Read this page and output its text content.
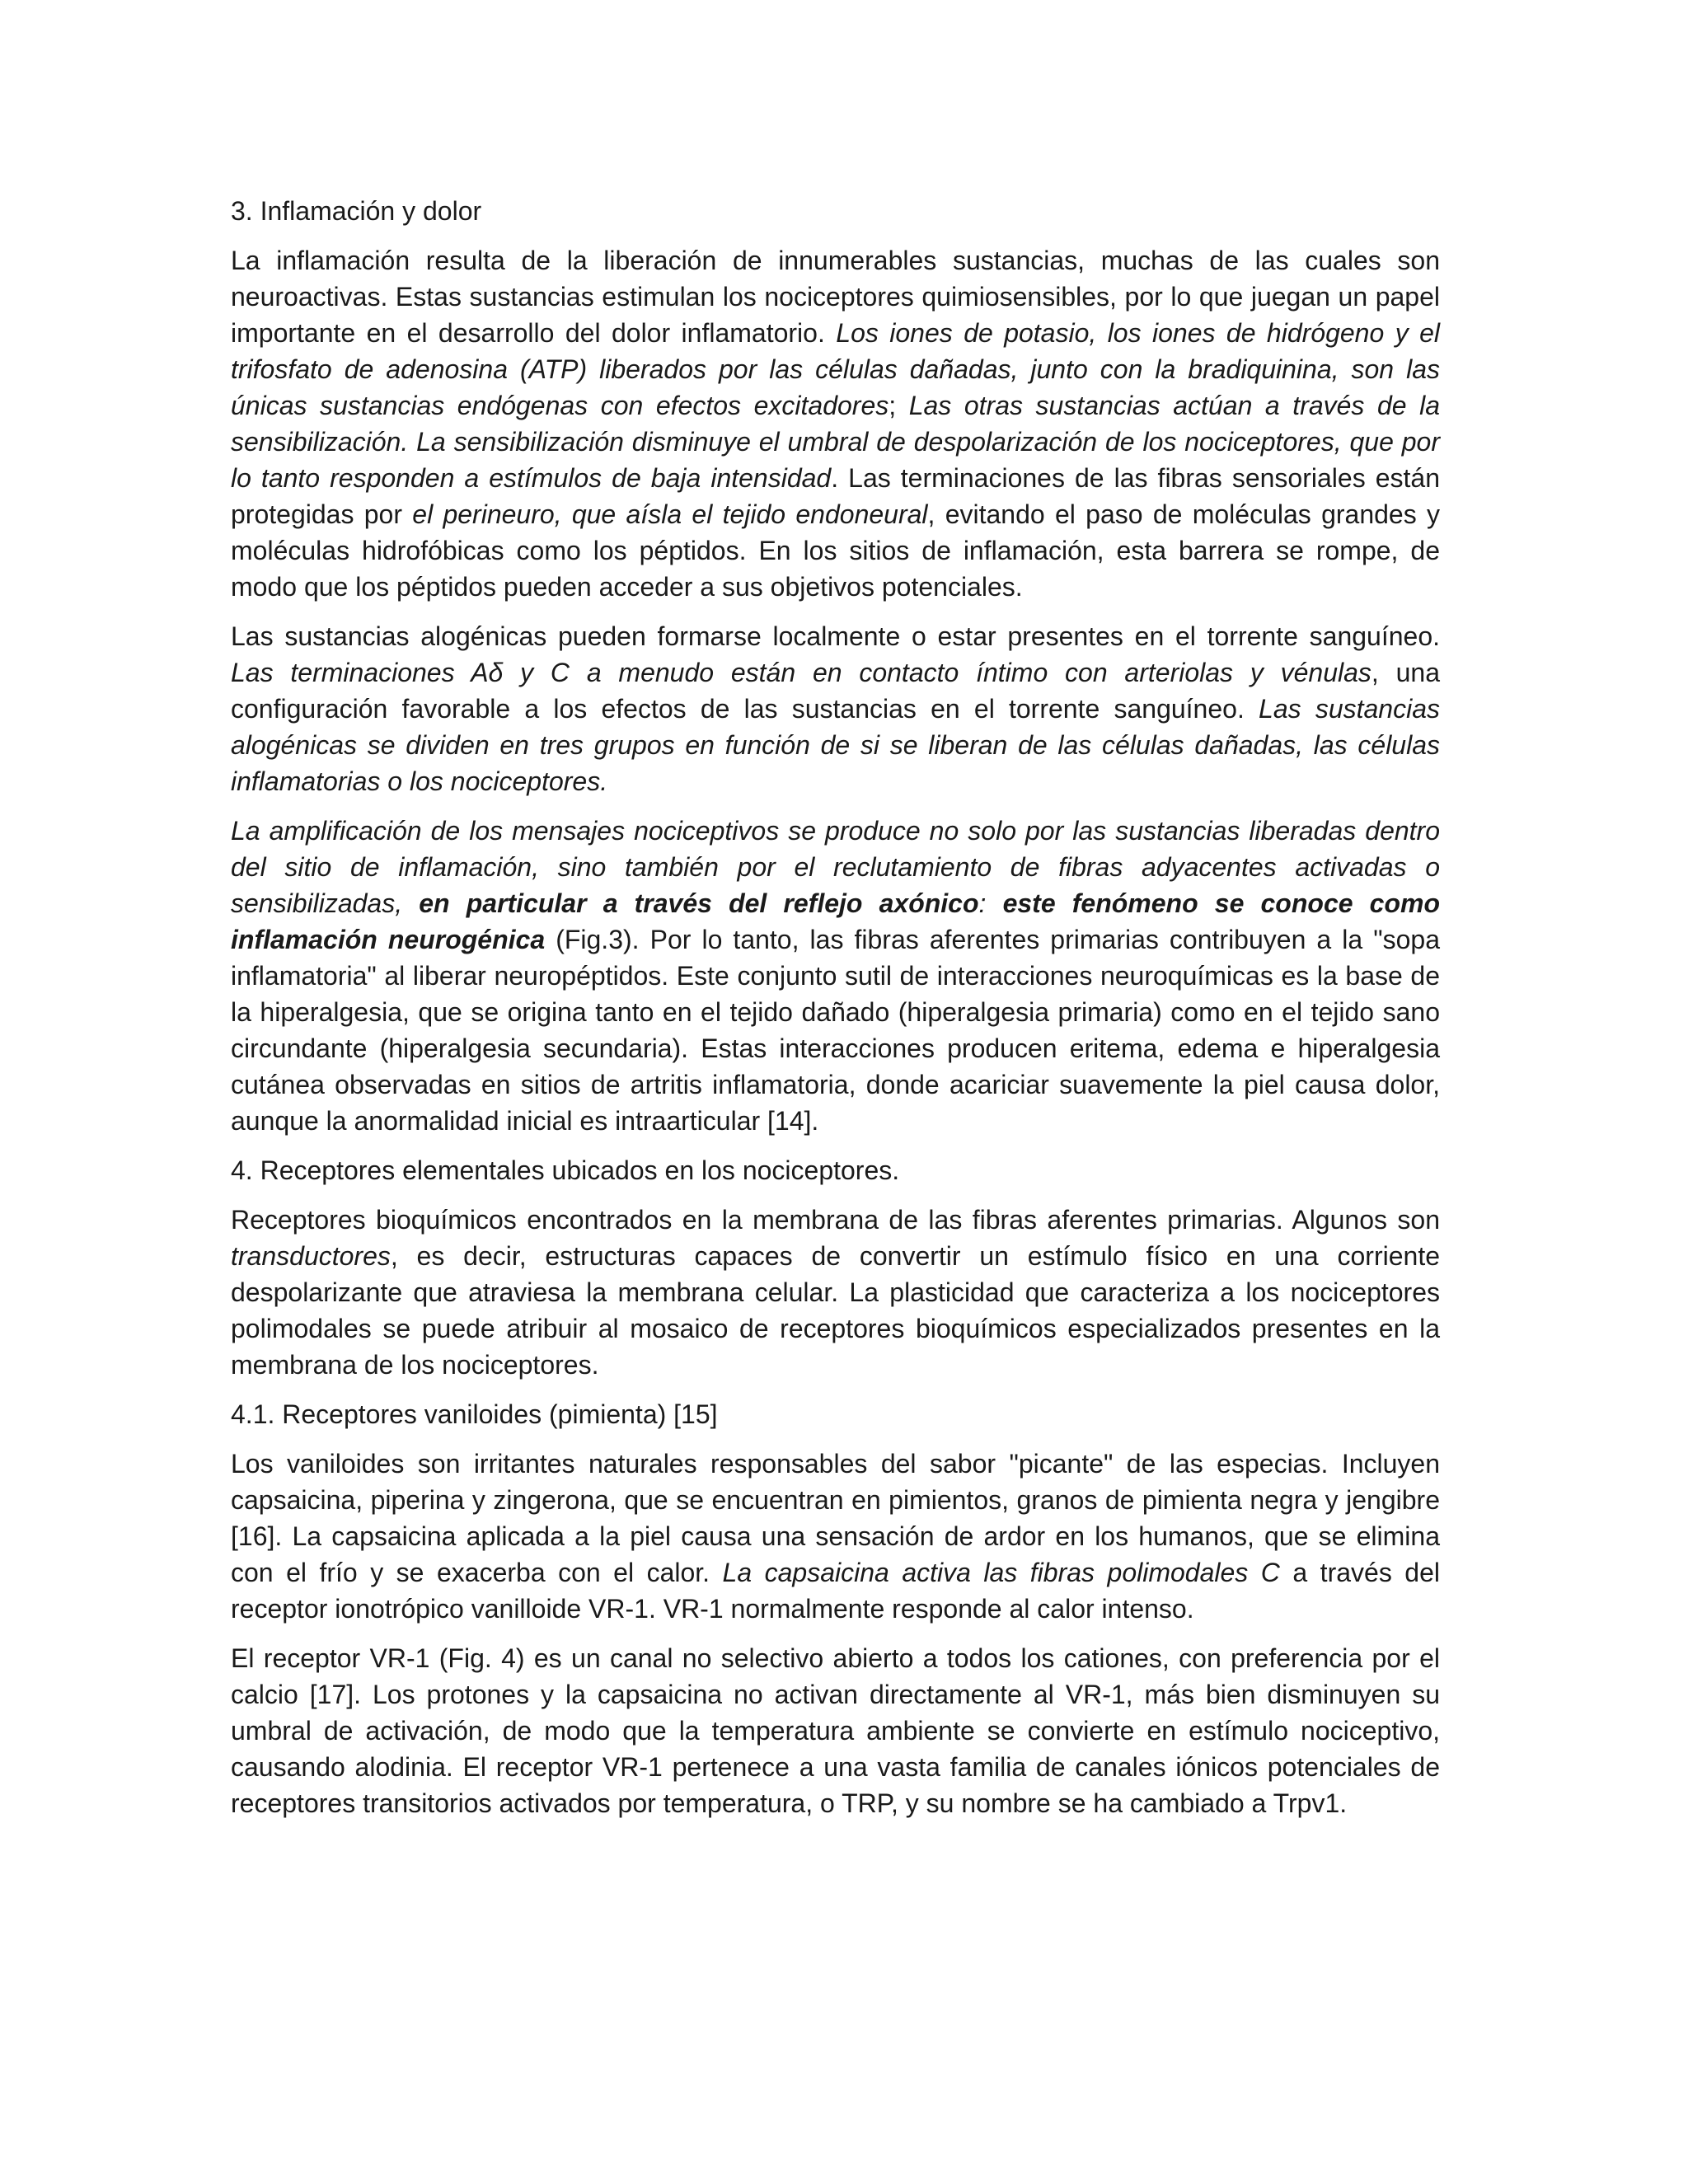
3. Inflamación y dolor

La inflamación resulta de la liberación de innumerables sustancias, muchas de las cuales son neuroactivas. Estas sustancias estimulan los nociceptores quimiosensibles, por lo que juegan un papel importante en el desarrollo del dolor inflamatorio. Los iones de potasio, los iones de hidrógeno y el trifosfato de adenosina (ATP) liberados por las células dañadas, junto con la bradiquinina, son las únicas sustancias endógenas con efectos excitadores; Las otras sustancias actúan a través de la sensibilización. La sensibilización disminuye el umbral de despolarización de los nociceptores, que por lo tanto responden a estímulos de baja intensidad. Las terminaciones de las fibras sensoriales están protegidas por el perineuro, que aísla el tejido endoneural, evitando el paso de moléculas grandes y moléculas hidrofóbicas como los péptidos. En los sitios de inflamación, esta barrera se rompe, de modo que los péptidos pueden acceder a sus objetivos potenciales.

Las sustancias alogénicas pueden formarse localmente o estar presentes en el torrente sanguíneo. Las terminaciones Aδ y C a menudo están en contacto íntimo con arteriolas y vénulas, una configuración favorable a los efectos de las sustancias en el torrente sanguíneo. Las sustancias alogénicas se dividen en tres grupos en función de si se liberan de las células dañadas, las células inflamatorias o los nociceptores.

La amplificación de los mensajes nociceptivos se produce no solo por las sustancias liberadas dentro del sitio de inflamación, sino también por el reclutamiento de fibras adyacentes activadas o sensibilizadas, en particular a través del reflejo axónico: este fenómeno se conoce como inflamación neurogénica (Fig.3). Por lo tanto, las fibras aferentes primarias contribuyen a la "sopa inflamatoria" al liberar neuropéptidos. Este conjunto sutil de interacciones neuroquímicas es la base de la hiperalgesia, que se origina tanto en el tejido dañado (hiperalgesia primaria) como en el tejido sano circundante (hiperalgesia secundaria). Estas interacciones producen eritema, edema e hiperalgesia cutánea observadas en sitios de artritis inflamatoria, donde acariciar suavemente la piel causa dolor, aunque la anormalidad inicial es intraarticular [14].

4. Receptores elementales ubicados en los nociceptores.

Receptores bioquímicos encontrados en la membrana de las fibras aferentes primarias. Algunos son transductores, es decir, estructuras capaces de convertir un estímulo físico en una corriente despolarizante que atraviesa la membrana celular. La plasticidad que caracteriza a los nociceptores polimodales se puede atribuir al mosaico de receptores bioquímicos especializados presentes en la membrana de los nociceptores.

4.1. Receptores vaniloides (pimienta) [15]

Los vaniloides son irritantes naturales responsables del sabor "picante" de las especias. Incluyen capsaicina, piperina y zingerona, que se encuentran en pimientos, granos de pimienta negra y jengibre [16]. La capsaicina aplicada a la piel causa una sensación de ardor en los humanos, que se elimina con el frío y se exacerba con el calor. La capsaicina activa las fibras polimodales C a través del receptor ionotrópico vanilloide VR-1. VR-1 normalmente responde al calor intenso.

El receptor VR-1 (Fig. 4) es un canal no selectivo abierto a todos los cationes, con preferencia por el calcio [17]. Los protones y la capsaicina no activan directamente al VR-1, más bien disminuyen su umbral de activación, de modo que la temperatura ambiente se convierte en estímulo nociceptivo, causando alodinia. El receptor VR-1 pertenece a una vasta familia de canales iónicos potenciales de receptores transitorios activados por temperatura, o TRP, y su nombre se ha cambiado a Trpv1.
